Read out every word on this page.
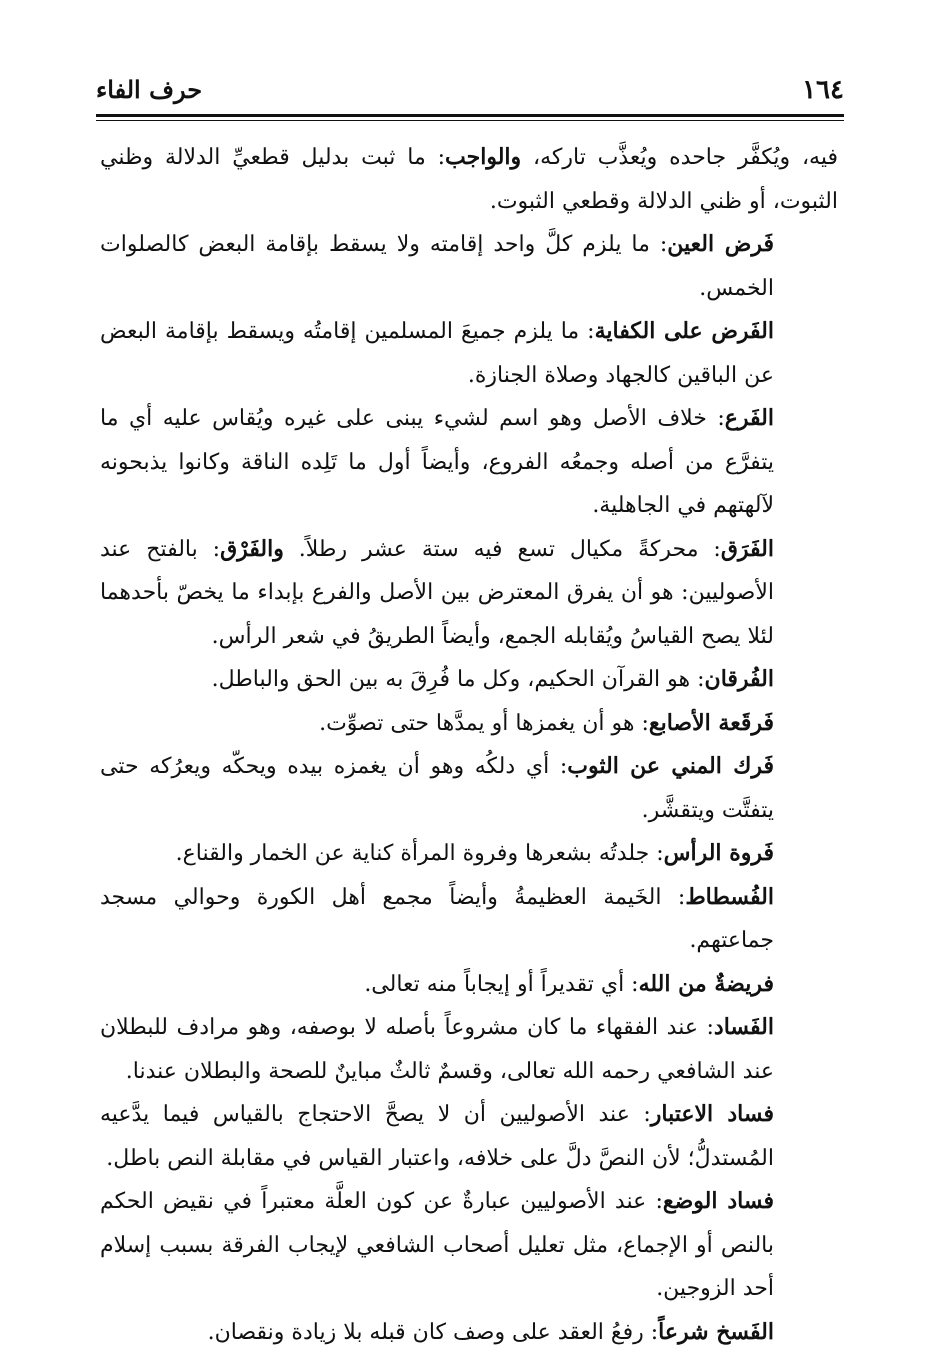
١٦٤
حرف الفاء

فيه، ويُكفَّر جاحده ويُعذَّب تاركه، والواجب: ما ثبت بدليل قطعيِّ الدلالة وظني الثبوت، أو ظني الدلالة وقطعي الثبوت.

فَرض العين: ما يلزم كلَّ واحد إقامته ولا يسقط بإقامة البعض كالصلوات الخمس.

الفَرض على الكفاية: ما يلزم جميعَ المسلمين إقامتُه ويسقط بإقامة البعض عن الباقين كالجهاد وصلاة الجنازة.

الفَرع: خلاف الأصل وهو اسم لشيء يبنى على غيره ويُقاس عليه أي ما يتفرَّع من أصله وجمعُه الفروع، وأيضاً أول ما تَلِده الناقة وكانوا يذبحونه لآلهتهم في الجاهلية.

الفَرَق: محركةً مكيال تسع فيه ستة عشر رطلاً. والفَرْق: بالفتح عند الأصوليين: هو أن يفرق المعترض بين الأصل والفرع بإبداء ما يخصّ بأحدهما لئلا يصح القياسُ ويُقابله الجمع، وأيضاً الطريقُ في شعر الرأس.

الفُرقان: هو القرآن الحكيم، وكل ما فُرِقَ به بين الحق والباطل.

فَرقَعة الأصابع: هو أن يغمزها أو يمدَّها حتى تصوِّت.

فَرك المني عن الثوب: أي دلكُه وهو أن يغمزه بيده ويحكّه ويعرُكه حتى يتفتَّت ويتقشَّر.

فَروة الرأس: جلدتُه بشعرها وفروة المرأة كناية عن الخمار والقناع.

الفُسطاط: الخَيمة العظيمةُ وأيضاً مجمع أهل الكورة وحوالي مسجد جماعتهم.

فريضةٌ من الله: أي تقديراً أو إيجاباً منه تعالى.

الفَساد: عند الفقهاء ما كان مشروعاً بأصله لا بوصفه، وهو مرادف للبطلان عند الشافعي رحمه الله تعالى، وقسمٌ ثالثٌ مباينٌ للصحة والبطلان عندنا.

فساد الاعتبار: عند الأصوليين أن لا يصحَّ الاحتجاج بالقياس فيما يدَّعيه المُستدلُّ؛ لأن النصَّ دلَّ على خلافه، واعتبار القياس في مقابلة النص باطل.

فساد الوضع: عند الأصوليين عبارةٌ عن كون العلَّة معتبراً في نقيض الحكم بالنص أو الإجماع، مثل تعليل أصحاب الشافعي لإيجاب الفرقة بسبب إسلام أحد الزوجين.

الفَسخ شرعاً: رفعُ العقد على وصف كان قبله بلا زيادة ونقصان.
